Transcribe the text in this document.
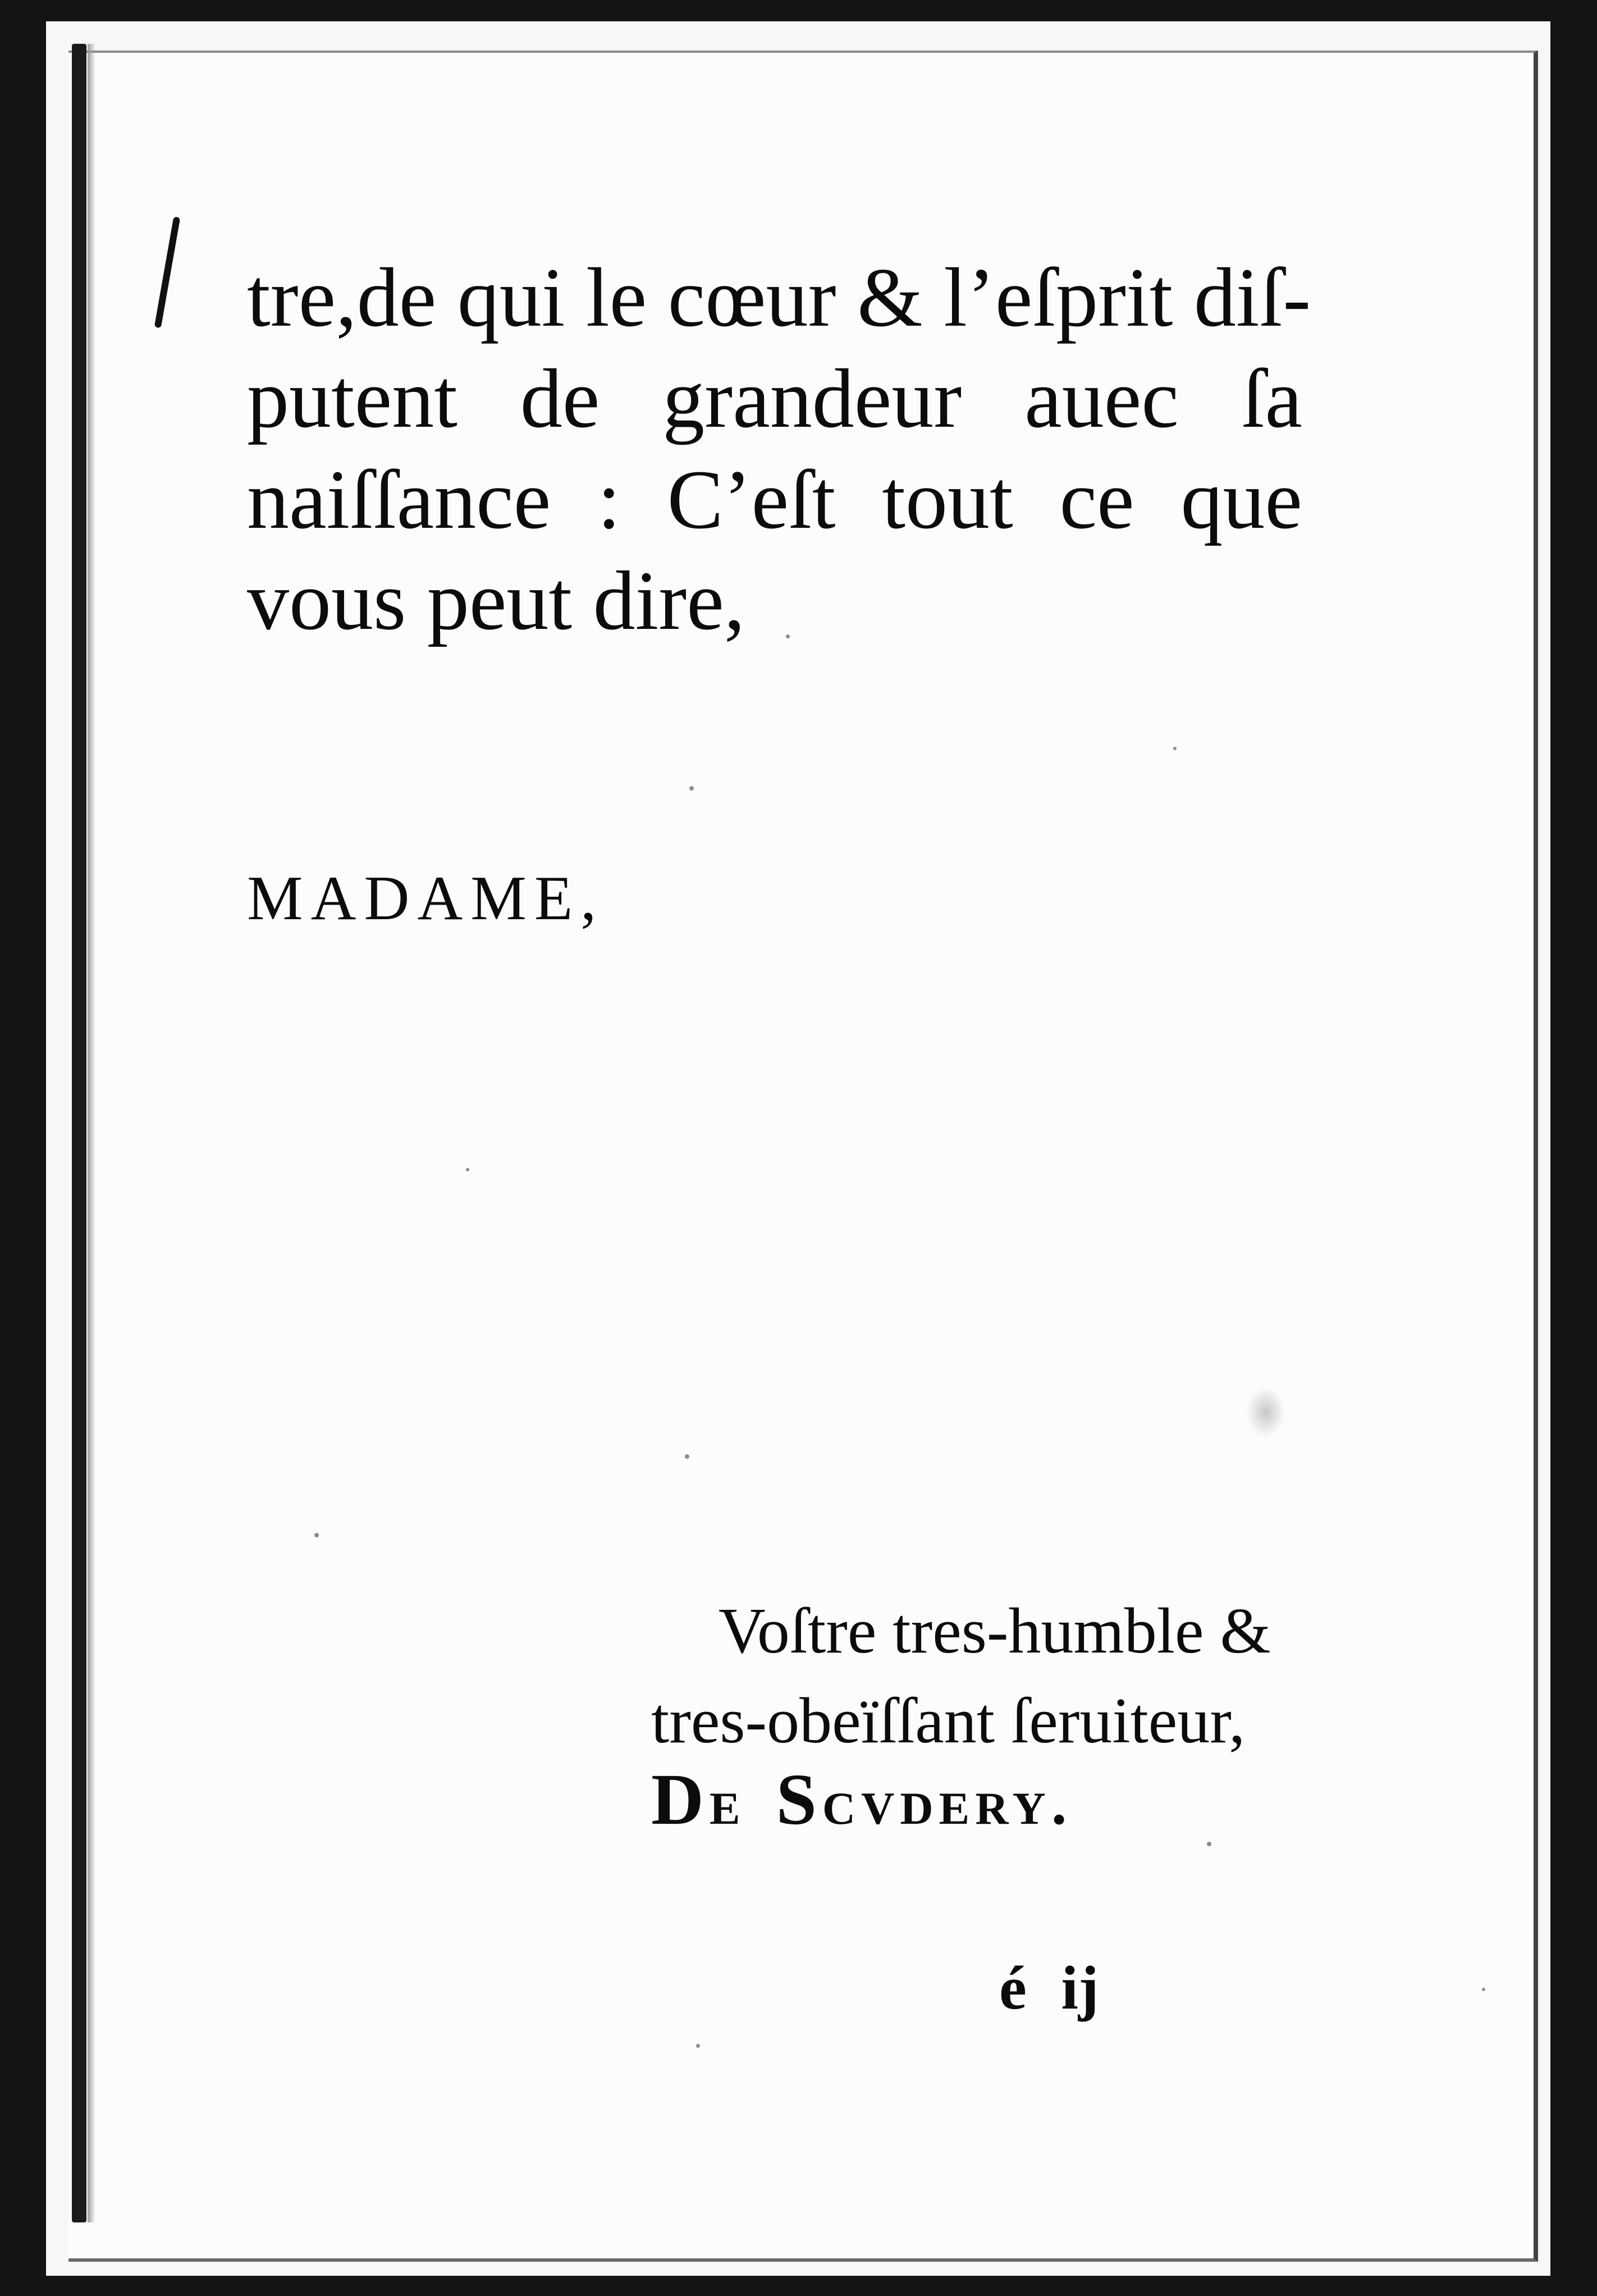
tre,de qui le cœur & l’eſprit diſ-

putent de grandeur auec ſa

naiſſance : C’eſt tout ce que

vous peut dire,

MADAME,

Voſtre tres-humble &

tres-obeïſſant ſeruiteur,

DE SCVDERY.

é ij
